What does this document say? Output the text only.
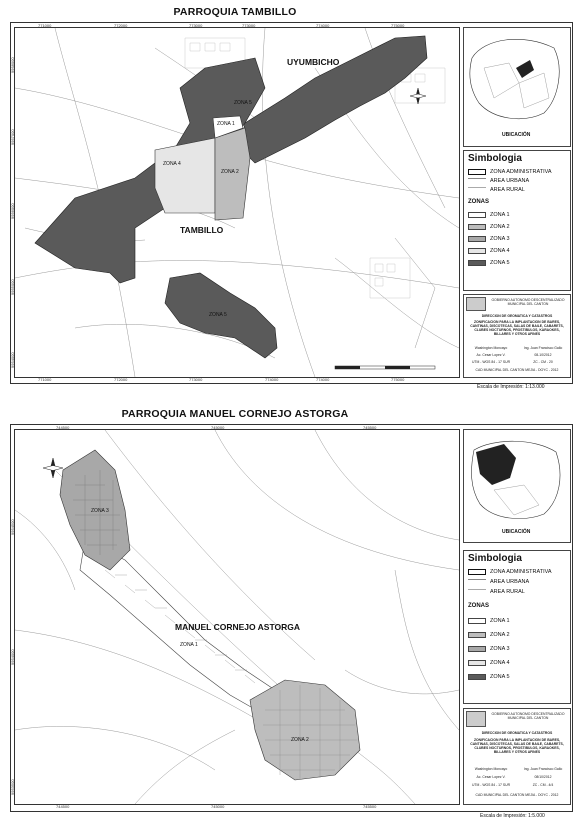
PARROQUIA TAMBILLO
ZONA 5
ZONA 1
ZONA 4
ZONA 2
ZONA 5
TAMBILLO
UYUMBICHO
771000	772000	773000	773000	774000	775000
771000	772000	773000	774000	774000	775000
9958000
9957000
9956000
9955000
9954000
UBICACIÓN
Simbologia
ZONA ADMINISTRATIVA
AREA URBANA
AREA RURAL
ZONAS
ZONA 1
ZONA 2
ZONA 3
ZONA 4
ZONA 5
GOBIERNO AUTONOMO DESCENTRALIZADO MUNICIPAL DEL CANTON
DIRECCION DE GEOMATICA Y CATASTROS
ZONIFICACION PARA LA IMPLANTACION DE BARES, CANTINAS, DISCOTECAS, SALAS DE BAILE, CABARETS, CLUBES NOCTURNOS, PROSTIBULOS, KARAOKES, BILLARES Y OTROS AFINES
Washington Moncayo	Ing. Juan Francisco Gallo
Ac. Cesar Lopez V.	08-10/2012
UTM - WGS 84 - 17 SUR	ZC - CM - 20
CAD MUNICIPAL DEL CANTON MEJIA - DGYC - 2012
Escala de Impresión: 1:13.000
PARROQUIA MANUEL CORNEJO ASTORGA
ZONA 3
ZONA 1
ZONA 2
MANUEL CORNEJO ASTORGA
744500	745000	745500
744500	745000	745500
9954500
9954000
9953500
UBICACIÓN
Simbologia
ZONA ADMINISTRATIVA
AREA URBANA
AREA RURAL
ZONAS
ZONA 1
ZONA 2
ZONA 3
ZONA 4
ZONA 5
GOBIERNO AUTONOMO DESCENTRALIZADO MUNICIPAL DEL CANTON
DIRECCION DE GEOMATICA Y CATASTROS
ZONIFICACION PARA LA IMPLANTACION DE BARES, CANTINAS, DISCOTECAS, SALAS DE BAILE, CABARETS, CLUBES NOCTURNOS, PROSTIBULOS, KARAOKES, BILLARES Y OTROS AFINES
Washington Moncayo	Ing. Juan Francisco Gallo
Ac. Cesar Lopez V.	08/10/2012
UTM - WGS 84 - 17 SUR	ZC - CM - 4/4
CAD MUNICIPAL DEL CANTON MEJIA - DGYC - 2012
Escala de Impresión: 1:5.000
